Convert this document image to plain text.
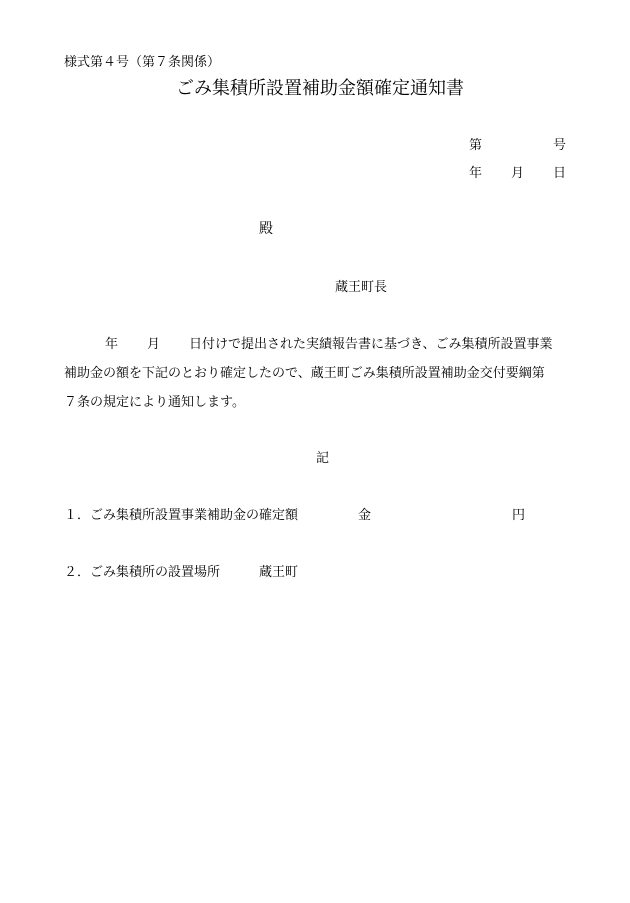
様式第４号（第７条関係）
ごみ集積所設置補助金額確定通知書
第	号
年 月 日
殿
蔵王町長
年 月 日付けで提出された実績報告書に基づき、ごみ集積所設置事業
補助金の額を下記のとおり確定したので、蔵王町ごみ集積所設置補助金交付要綱第
７条の規定により通知します。
記
１．ごみ集積所設置事業補助金の確定額	金	円
２．ごみ集積所の設置場所	蔵王町
